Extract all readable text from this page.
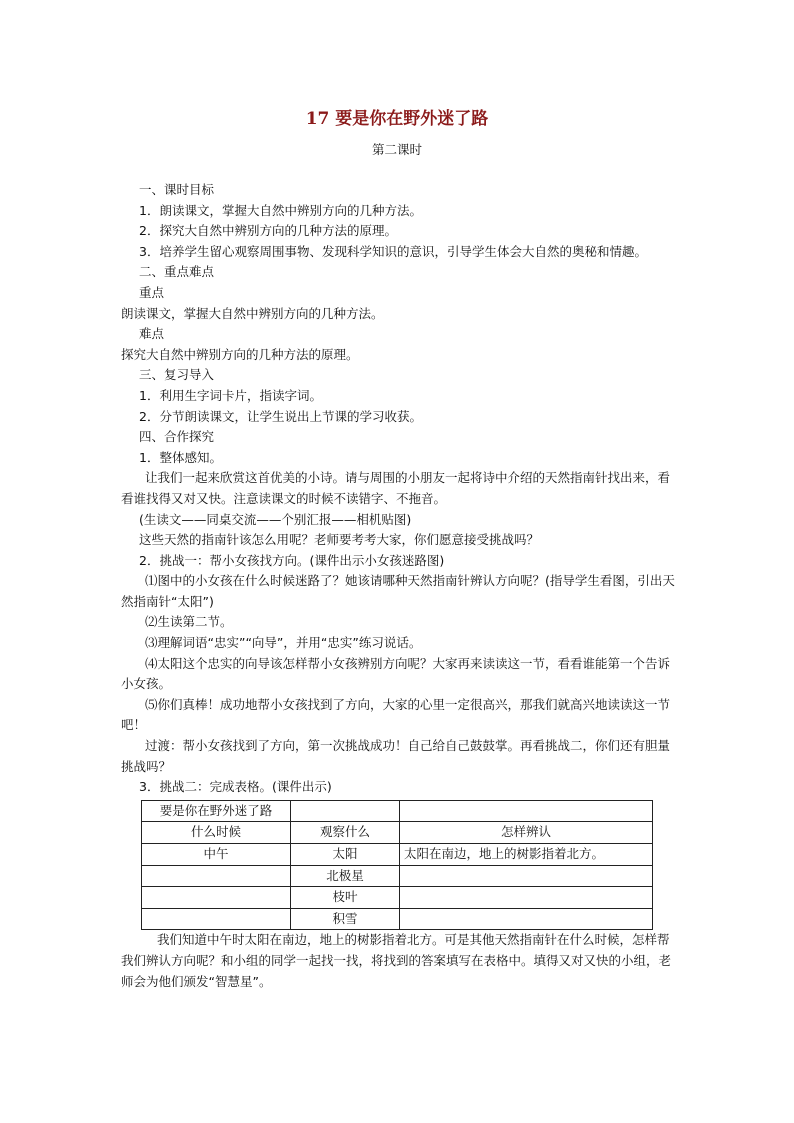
17 要是你在野外迷了路
第二课时

一、课时目标

1．朗读课文，掌握大自然中辨别方向的几种方法。

2．探究大自然中辨别方向的几种方法的原理。

3．培养学生留心观察周围事物、发现科学知识的意识，引导学生体会大自然的奥秘和情趣。

二、重点难点

重点

朗读课文，掌握大自然中辨别方向的几种方法。

难点

探究大自然中辨别方向的几种方法的原理。

三、复习导入

1．利用生字词卡片，指读字词。

2．分节朗读课文，让学生说出上节课的学习收获。

四、合作探究

1．整体感知。

让我们一起来欣赏这首优美的小诗。请与周围的小朋友一起将诗中介绍的天然指南针找出来，看看谁找得又对又快。注意读课文的时候不读错字、不拖音。

(生读文——同桌交流——个别汇报——相机贴图)

这些天然的指南针该怎么用呢？老师要考考大家，你们愿意接受挑战吗？

2．挑战一：帮小女孩找方向。(课件出示小女孩迷路图)

⑴图中的小女孩在什么时候迷路了？她该请哪种天然指南针辨认方向呢？(指导学生看图，引出天然指南针“太阳”)

⑵生读第二节。

⑶理解词语“忠实”“向导”，并用“忠实”练习说话。

⑷太阳这个忠实的向导该怎样帮小女孩辨别方向呢？大家再来读读这一节，看看谁能第一个告诉小女孩。

⑸你们真棒！成功地帮小女孩找到了方向，大家的心里一定很高兴，那我们就高兴地读读这一节吧！

过渡：帮小女孩找到了方向，第一次挑战成功！自己给自己鼓鼓掌。再看挑战二，你们还有胆量挑战吗？

3．挑战二：完成表格。(课件出示)

要是你在野外迷了路		
什么时候	观察什么	怎样辨认
中午	太阳	太阳在南边，地上的树影指着北方。
	北极星	
	枝叶	
	积雪	

我们知道中午时太阳在南边，地上的树影指着北方。可是其他天然指南针在什么时候，怎样帮我们辨认方向呢？和小组的同学一起找一找，将找到的答案填写在表格中。填得又对又快的小组，老师会为他们颁发“智慧星”。
